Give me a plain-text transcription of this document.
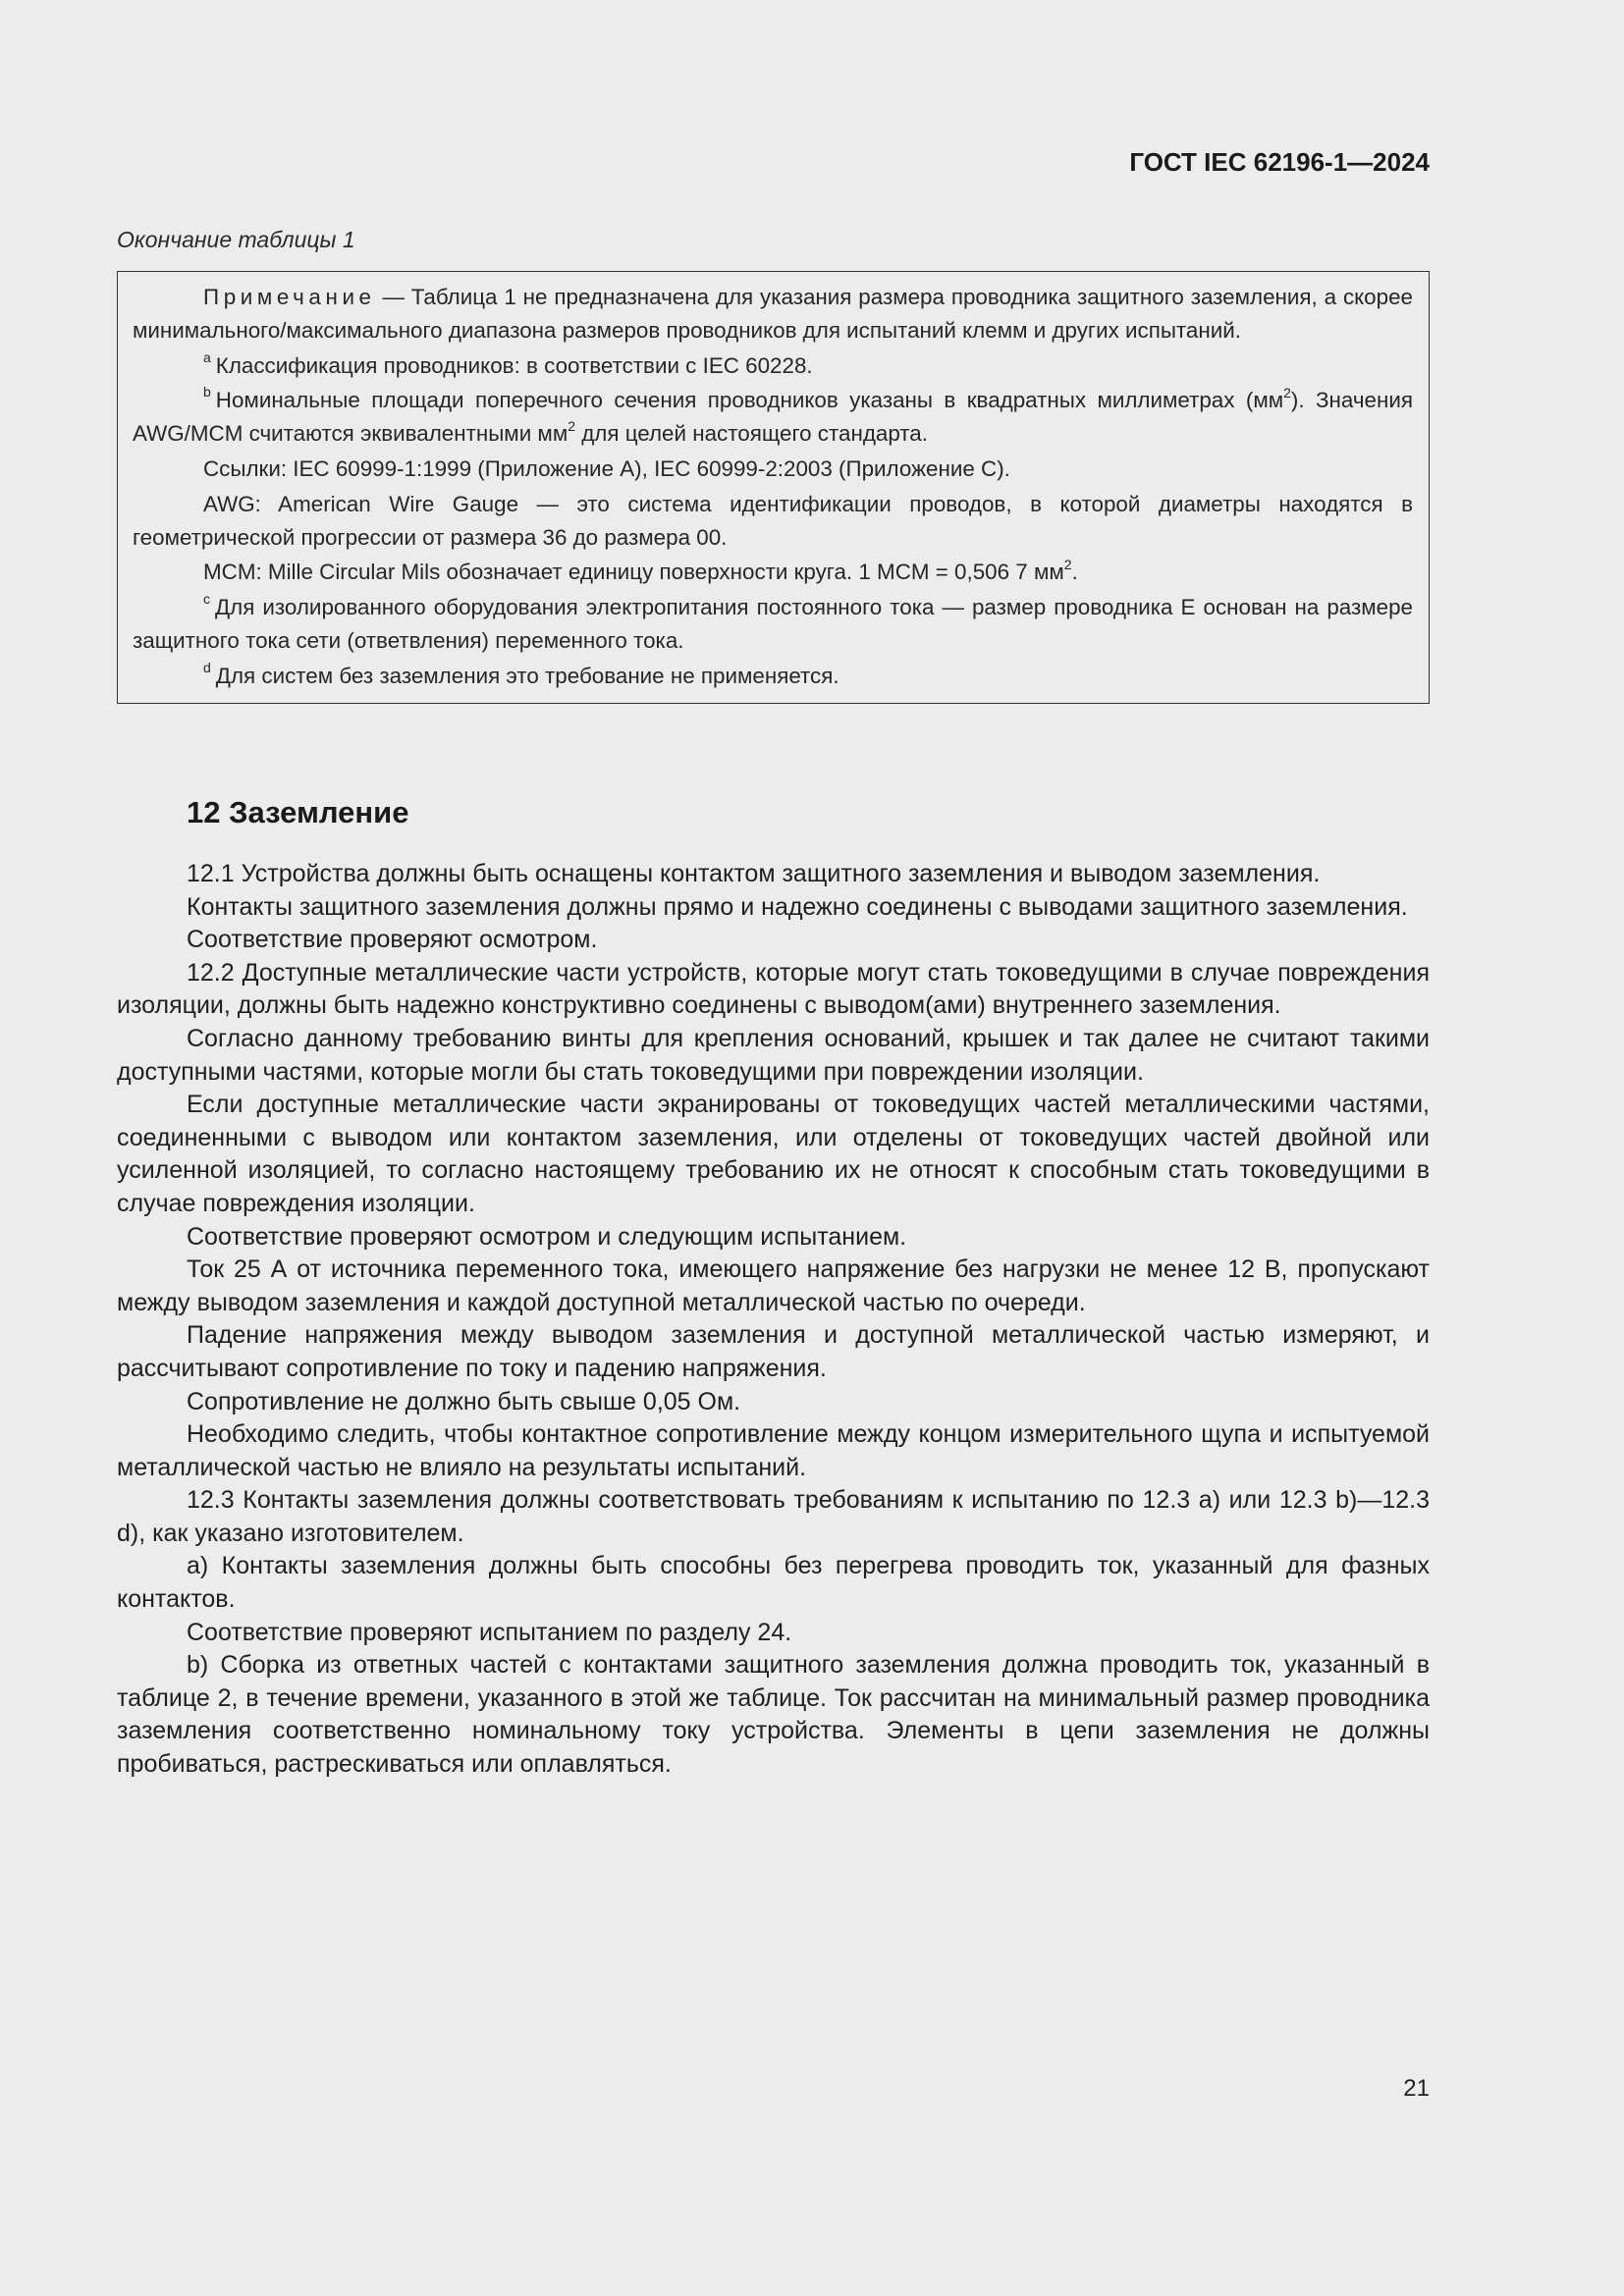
ГОСТ IEC 62196-1—2024
Окончание таблицы 1

Примечание — Таблица 1 не предназначена для указания размера проводника защитного заземления, а скорее минимального/максимального диапазона размеров проводников для испытаний клемм и других испытаний.

$^a$ Классификация проводников: в соответствии с IEC 60228.

$^b$ Номинальные площади поперечного сечения проводников указаны в квадратных миллиметрах $(мм^2)$. Значения AWG/MCM считаются эквивалентными $мм^2$ для целей настоящего стандарта.

Ссылки: IEC 60999-1:1999 (Приложение A), IEC 60999-2:2003 (Приложение C).

AWG: American Wire Gauge — это система идентификации проводов, в которой диаметры находятся в геометрической прогрессии от размера 36 до размера 00.

MCM: Mille Circular Mils обозначает единицу поверхности круга. 1 MCM = 0,506 7 $мм^2$.

$^c$ Для изолированного оборудования электропитания постоянного тока — размер проводника E основан на размере защитного тока сети (ответвления) переменного тока.

$^d$ Для систем без заземления это требование не применяется.

12 Заземление

12.1 Устройства должны быть оснащены контактом защитного заземления и выводом заземления.

Контакты защитного заземления должны прямо и надежно соединены с выводами защитного заземления.

Соответствие проверяют осмотром.

12.2 Доступные металлические части устройств, которые могут стать токоведущими в случае повреждения изоляции, должны быть надежно конструктивно соединены с выводом(ами) внутреннего заземления.

Согласно данному требованию винты для крепления оснований, крышек и так далее не считают такими доступными частями, которые могли бы стать токоведущими при повреждении изоляции.

Если доступные металлические части экранированы от токоведущих частей металлическими частями, соединенными с выводом или контактом заземления, или отделены от токоведущих частей двойной или усиленной изоляцией, то согласно настоящему требованию их не относят к способным стать токоведущими в случае повреждения изоляции.

Соответствие проверяют осмотром и следующим испытанием.

Ток 25 А от источника переменного тока, имеющего напряжение без нагрузки не менее 12 В, пропускают между выводом заземления и каждой доступной металлической частью по очереди.

Падение напряжения между выводом заземления и доступной металлической частью измеряют, и рассчитывают сопротивление по току и падению напряжения.

Сопротивление не должно быть свыше 0,05 Ом.

Необходимо следить, чтобы контактное сопротивление между концом измерительного щупа и испытуемой металлической частью не влияло на результаты испытаний.

12.3 Контакты заземления должны соответствовать требованиям к испытанию по 12.3 a) или 12.3 b)—12.3 d), как указано изготовителем.

a) Контакты заземления должны быть способны без перегрева проводить ток, указанный для фазных контактов.

Соответствие проверяют испытанием по разделу 24.

b) Сборка из ответных частей с контактами защитного заземления должна проводить ток, указанный в таблице 2, в течение времени, указанного в этой же таблице. Ток рассчитан на минимальный размер проводника заземления соответственно номинальному току устройства. Элементы в цепи заземления не должны пробиваться, растрескиваться или оплавляться.

21
